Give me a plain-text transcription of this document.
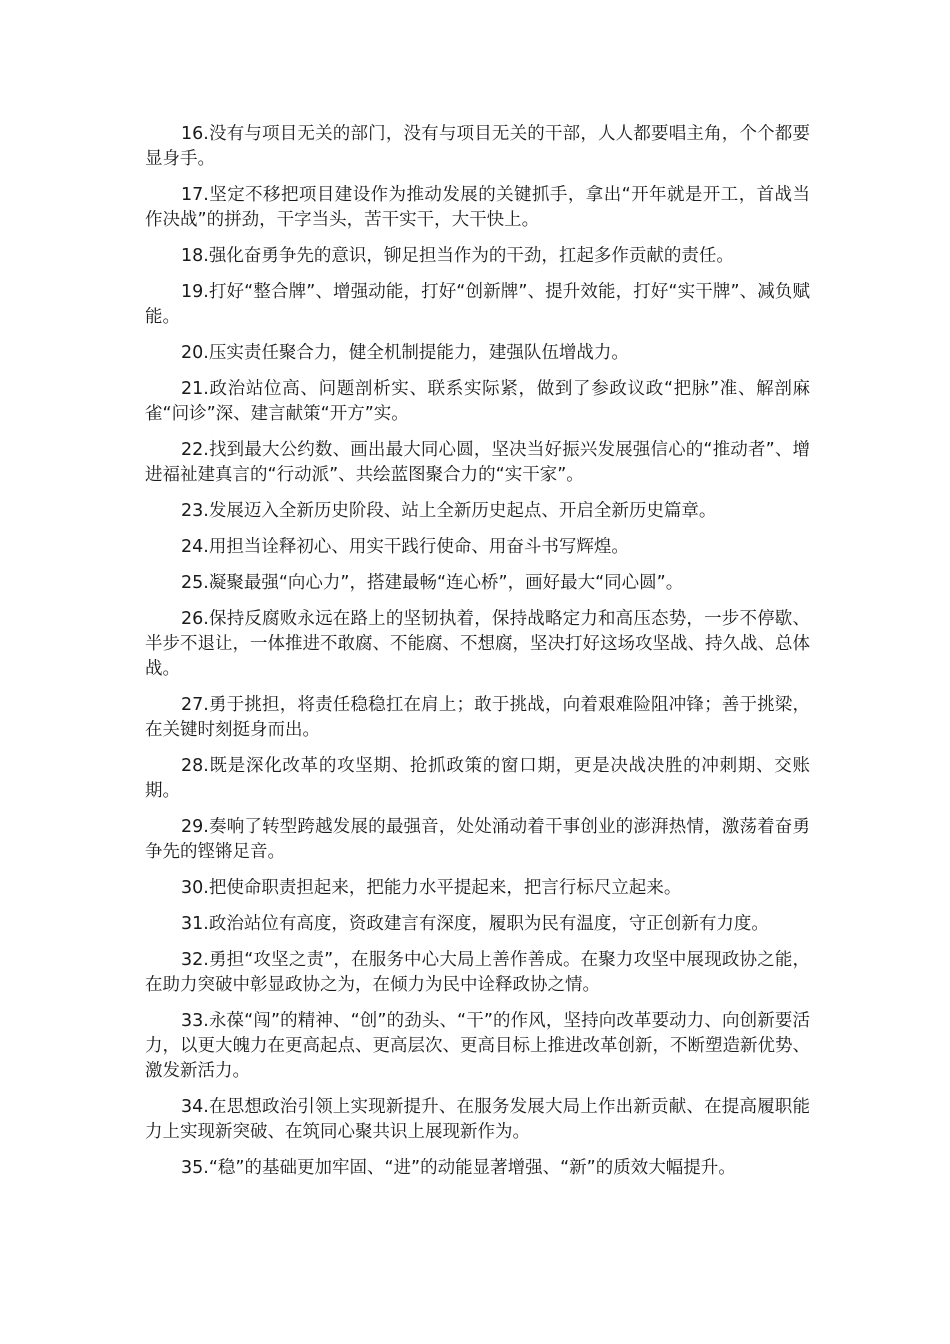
16.没有与项目无关的部门，没有与项目无关的干部，人人都要唱主角，个个都要显身手。

17.坚定不移把项目建设作为推动发展的关键抓手，拿出“开年就是开工，首战当作决战”的拼劲，干字当头，苦干实干，大干快上。

18.强化奋勇争先的意识，铆足担当作为的干劲，扛起多作贡献的责任。

19.打好“整合牌”、增强动能，打好“创新牌”、提升效能，打好“实干牌”、减负赋能。

20.压实责任聚合力，健全机制提能力，建强队伍增战力。

21.政治站位高、问题剖析实、联系实际紧，做到了参政议政“把脉”准、解剖麻雀“问诊”深、建言献策“开方”实。

22.找到最大公约数、画出最大同心圆，坚决当好振兴发展强信心的“推动者”、增进福祉建真言的“行动派”、共绘蓝图聚合力的“实干家”。

23.发展迈入全新历史阶段、站上全新历史起点、开启全新历史篇章。

24.用担当诠释初心、用实干践行使命、用奋斗书写辉煌。

25.凝聚最强“向心力”，搭建最畅“连心桥”，画好最大“同心圆”。

26.保持反腐败永远在路上的坚韧执着，保持战略定力和高压态势，一步不停歇、半步不退让，一体推进不敢腐、不能腐、不想腐，坚决打好这场攻坚战、持久战、总体战。

27.勇于挑担，将责任稳稳扛在肩上；敢于挑战，向着艰难险阻冲锋；善于挑梁，在关键时刻挺身而出。

28.既是深化改革的攻坚期、抢抓政策的窗口期，更是决战决胜的冲刺期、交账期。

29.奏响了转型跨越发展的最强音，处处涌动着干事创业的澎湃热情，激荡着奋勇争先的铿锵足音。

30.把使命职责担起来，把能力水平提起来，把言行标尺立起来。

31.政治站位有高度，资政建言有深度，履职为民有温度，守正创新有力度。

32.勇担“攻坚之责”，在服务中心大局上善作善成。在聚力攻坚中展现政协之能，在助力突破中彰显政协之为，在倾力为民中诠释政协之情。

33.永葆“闯”的精神、“创”的劲头、“干”的作风，坚持向改革要动力、向创新要活力，以更大魄力在更高起点、更高层次、更高目标上推进改革创新，不断塑造新优势、激发新活力。

34.在思想政治引领上实现新提升、在服务发展大局上作出新贡献、在提高履职能力上实现新突破、在筑同心聚共识上展现新作为。

35.“稳”的基础更加牢固、“进”的动能显著增强、“新”的质效大幅提升。
